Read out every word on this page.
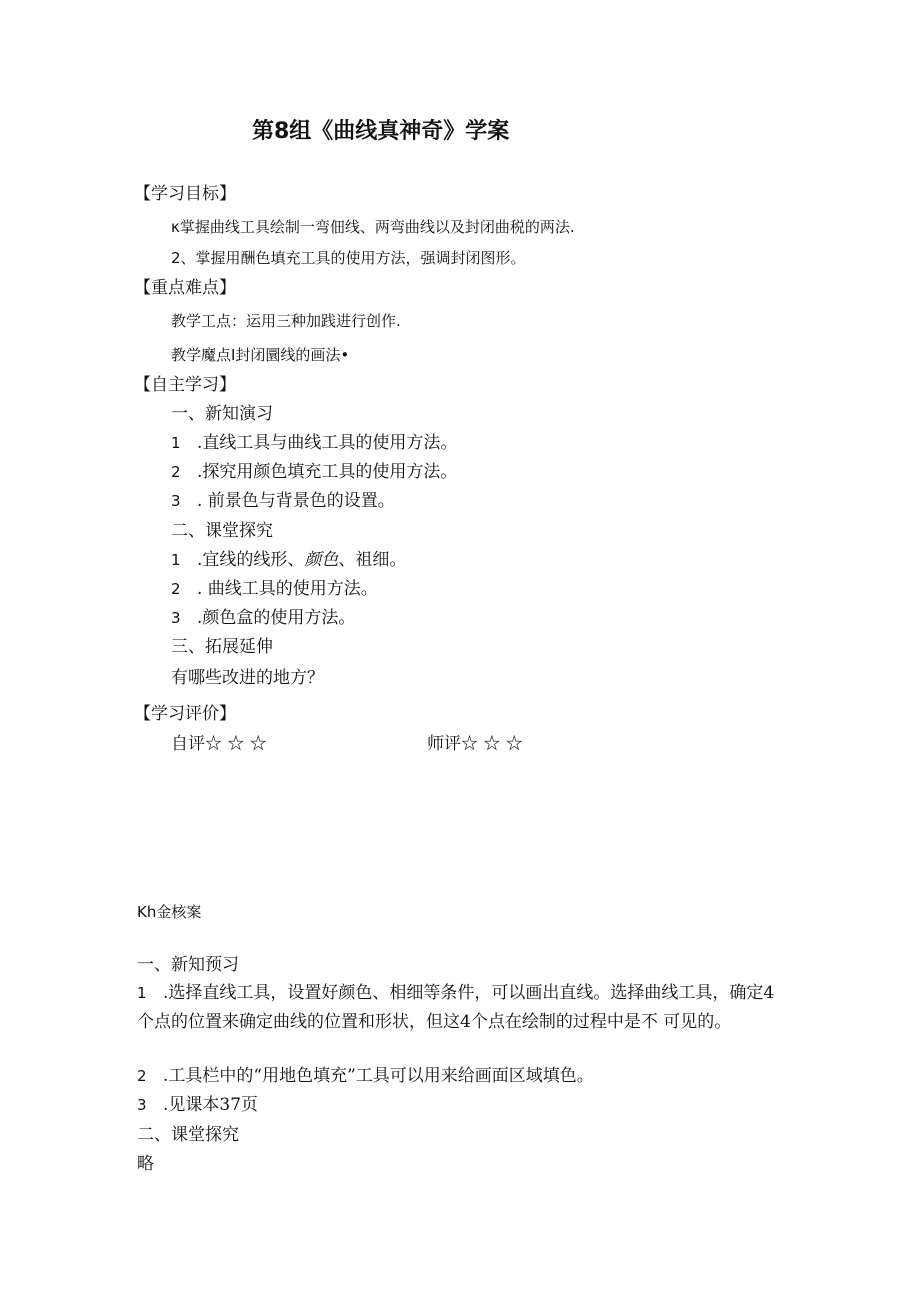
第8组《曲线真神奇》学案
【学习目标】
κ掌握曲线工具绘制一弯佃线、两弯曲线以及封闭曲税的两法.
2、掌握用酬色填充工具的使用方法，强调封闭图形。
【重点难点】
教学工点：运用三种加践进行创作.
教学魔点I封闭圜线的画法•
【自主学习】
一、新知演习
1 .直线工具与曲线工具的使用方法。
2 .探究用颜色填充工具的使用方法。
3 . 前景色与背景色的设置。
二、课堂探究
1 .宜线的线形、颜色、祖细。
2 . 曲线工具的使用方法。
3 .颜色盒的使用方法。
三、拓展延伸
有哪些改进的地方？
【学习评价】
自评☆ ☆ ☆	师评☆ ☆ ☆
Kh金核案
一、新知预习
1 .选择直线工具，设置好颜色、相细等条件，可以画出直线。选择曲线工具，确定4个点的位置来确定曲线的位置和形状，但这4个点在绘制的过程中是不 可见的。
2 .工具栏中的“用地色填充”工具可以用来给画面区域填色。
3 .见课本37页
二、课堂探究
略
